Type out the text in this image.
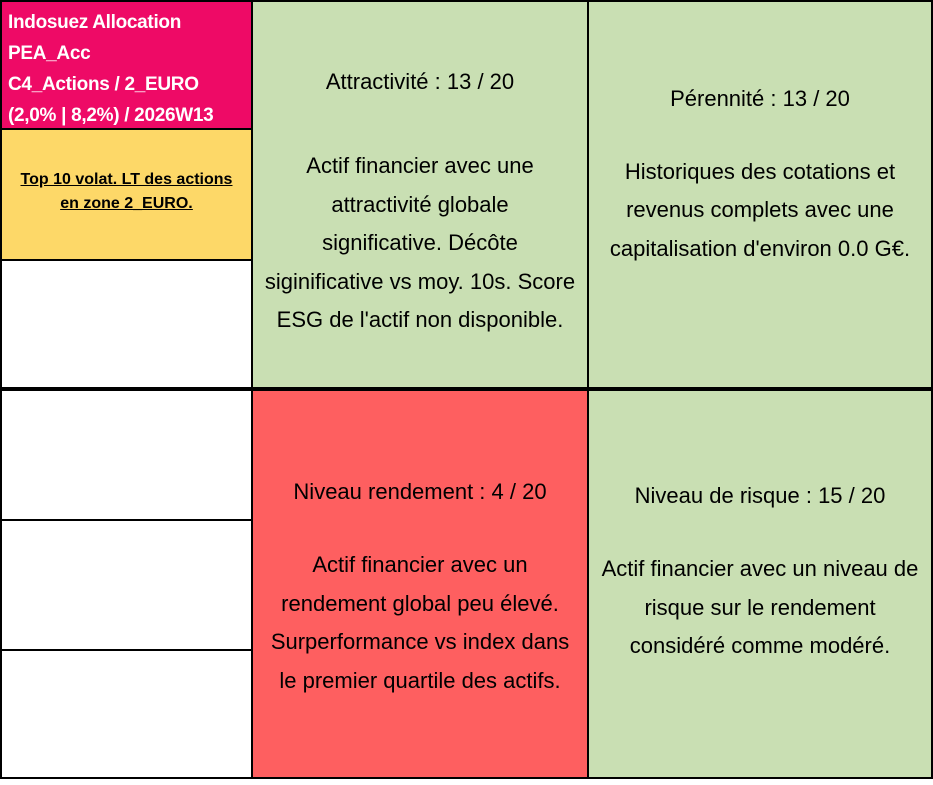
Indosuez Allocation
PEA_Acc
C4_Actions / 2_EURO
(2,0% | 8,2%) / 2026W13
Top 10 volat. LT des actions
en zone 2_EURO.
Attractivité : 13 / 20
Actif financier avec une
attractivité globale
significative. Décôte
siginificative vs moy. 10s. Score
ESG de l'actif non disponible.
Pérennité : 13 / 20
Historiques des cotations et
revenus complets avec une
capitalisation d'environ 0.0 G€.
Niveau rendement : 4 / 20
Actif financier avec un
rendement global peu élevé.
Surperformance vs index dans
le premier quartile des actifs.
Niveau de risque : 15 / 20
Actif financier avec un niveau de
risque sur le rendement
considéré comme modéré.
